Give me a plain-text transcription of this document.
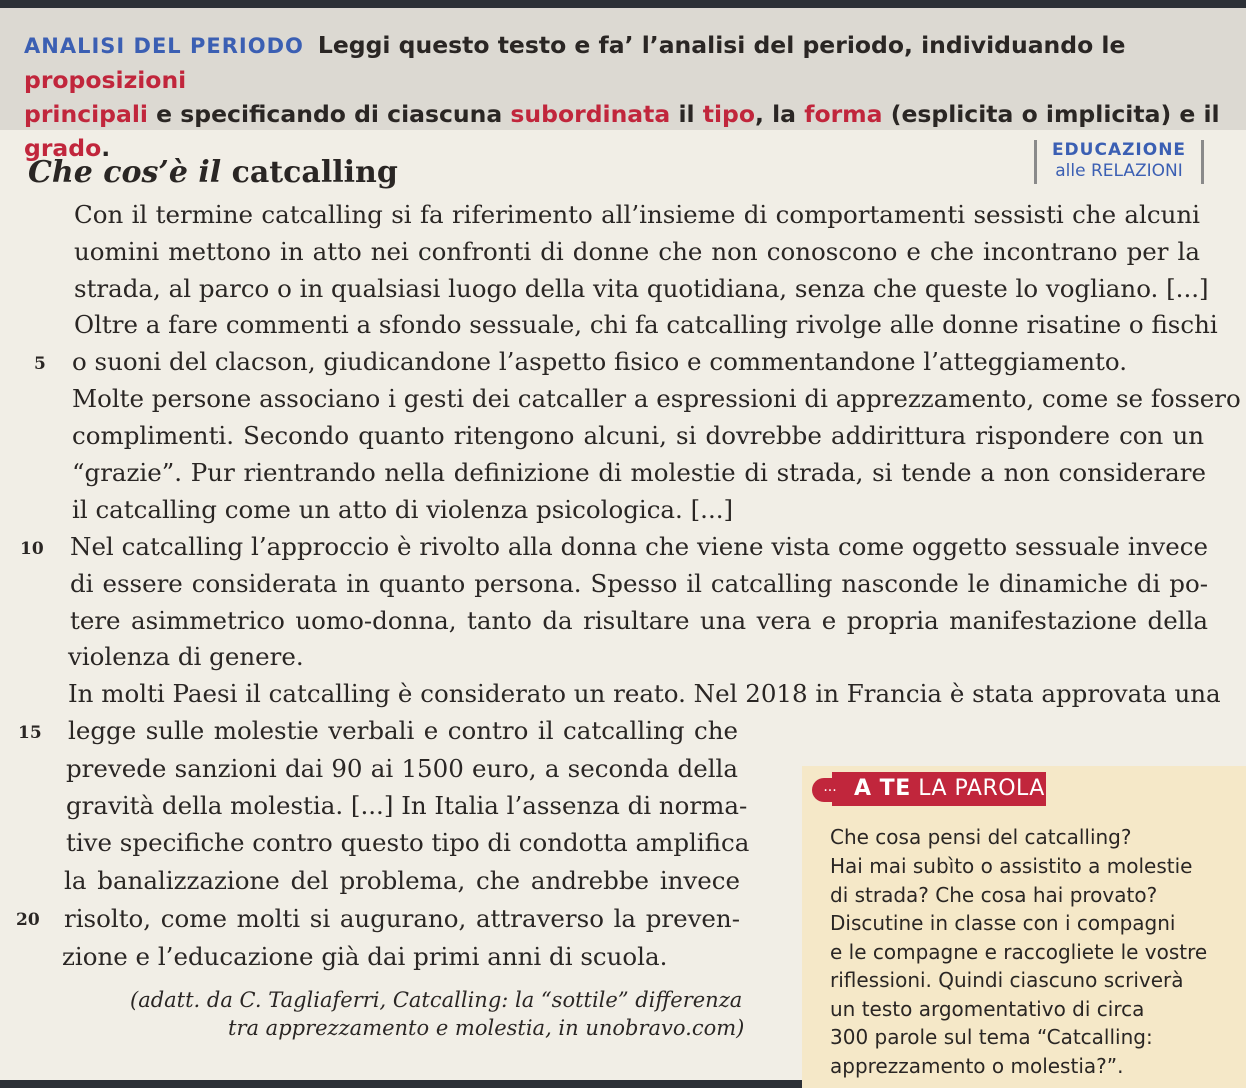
ANALISI DEL PERIODO Leggi questo testo e fa’ l’analisi del periodo, individuando le proposizioni
principali e specificando di ciascuna subordinata il tipo, la forma (esplicita o implicita) e il grado.
Che cos’è il catcalling
EDUCAZIONE
alle RELAZIONI
Con il termine catcalling si fa riferimento all’insieme di comportamenti sessisti che alcuni
uomini mettono in atto nei confronti di donne che non conoscono e che incontrano per la
strada, al parco o in qualsiasi luogo della vita quotidiana, senza che queste lo vogliano. [...]
Oltre a fare commenti a sfondo sessuale, chi fa catcalling rivolge alle donne risatine o fischi
o suoni del clacson, giudicandone l’aspetto fisico e commentandone l’atteggiamento.
Molte persone associano i gesti dei catcaller a espressioni di apprezzamento, come se fossero
complimenti. Secondo quanto ritengono alcuni, si dovrebbe addirittura rispondere con un
“grazie”. Pur rientrando nella definizione di molestie di strada, si tende a non considerare
il catcalling come un atto di violenza psicologica. [...]
Nel catcalling l’approccio è rivolto alla donna che viene vista come oggetto sessuale invece
di essere considerata in quanto persona. Spesso il catcalling nasconde le dinamiche di po-
tere asimmetrico uomo-donna, tanto da risultare una vera e propria manifestazione della
violenza di genere.
In molti Paesi il catcalling è considerato un reato. Nel 2018 in Francia è stata approvata una
legge sulle molestie verbali e contro il catcalling che
prevede sanzioni dai 90 ai 1500 euro, a seconda della
gravità della molestia. [...] In Italia l’assenza di norma-
tive specifiche contro questo tipo di condotta amplifica
la banalizzazione del problema, che andrebbe invece
risolto, come molti si augurano, attraverso la preven-
zione e l’educazione già dai primi anni di scuola.
5
10
15
20
(adatt. da C. Tagliaferri, Catcalling: la “sottile” differenza
tra apprezzamento e molestia, in unobravo.com)
... A TE LA PAROLA
Che cosa pensi del catcalling?
Hai mai subìto o assistito a molestie
di strada? Che cosa hai provato?
Discutine in classe con i compagni
e le compagne e raccogliete le vostre
riflessioni. Quindi ciascuno scriverà
un testo argomentativo di circa
300 parole sul tema “Catcalling:
apprezzamento o molestia?”.
